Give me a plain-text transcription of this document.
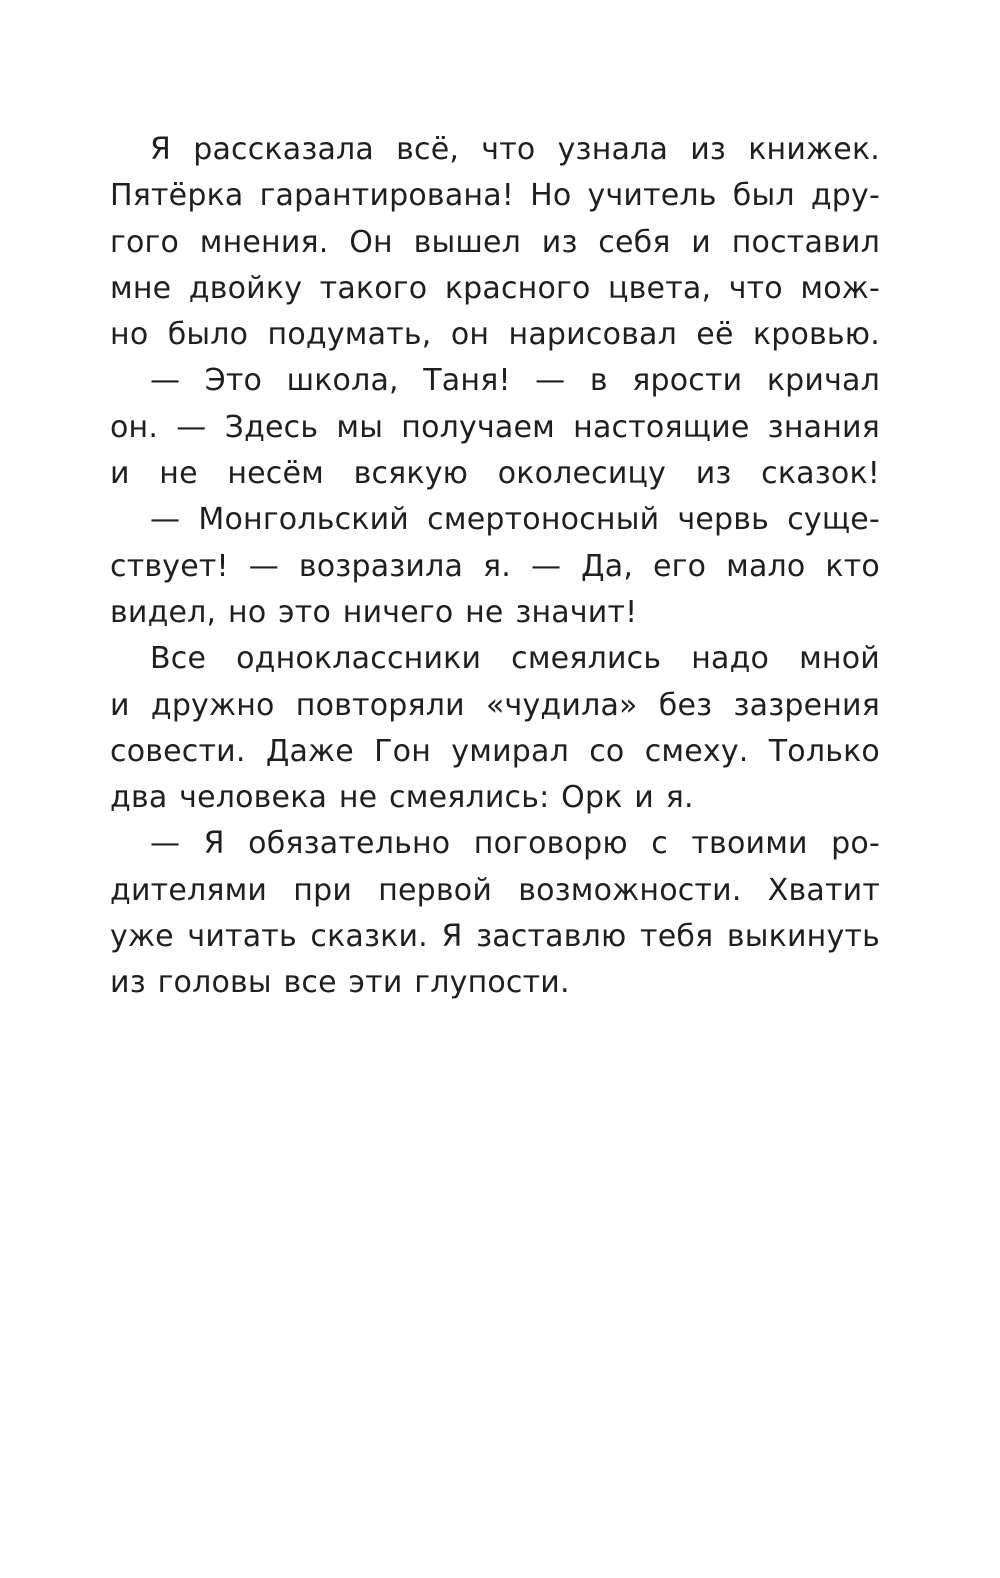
Я рассказала всё, что узнала из книжек.
Пятёрка гарантирована! Но учитель был дру-
гого мнения. Он вышел из себя и поставил
мне двойку такого красного цвета, что мож-
но было подумать, он нарисовал её кровью.
— Это школа, Таня! — в ярости кричал
он. — Здесь мы получаем настоящие знания
и не несём всякую околесицу из сказок!
— Монгольский смертоносный червь суще-
ствует! — возразила я. — Да, его мало кто
видел, но это ничего не значит!
Все одноклассники смеялись надо мной
и дружно повторяли «чудила» без зазрения
совести. Даже Гон умирал со смеху. Только
два человека не смеялись: Орк и я.
— Я обязательно поговорю с твоими ро-
дителями при первой возможности. Хватит
уже читать сказки. Я заставлю тебя выкинуть
из головы все эти глупости.
